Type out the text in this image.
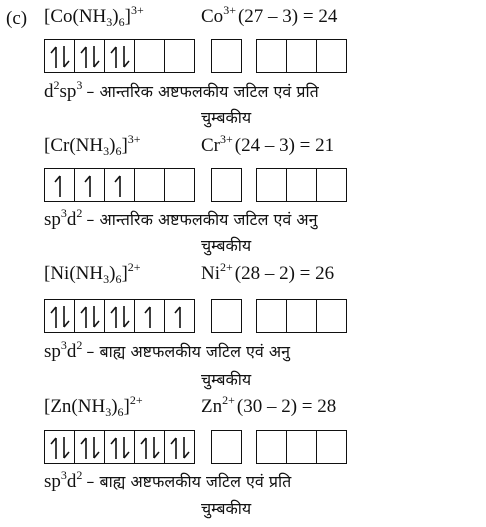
(c) $[Co(NH_3)_6]^{3+}$	$Co^{3+}$ (27 – 3) = 24
$d^2sp^3$ – आन्तरिक अष्टफलकीय जटिल एवं प्रति
चुम्बकीय
$[Cr(NH_3)_6]^{3+}$	$Cr^{3+}$ (24 – 3) = 21
$sp^3d^2$ – आन्तरिक अष्टफलकीय जटिल एवं अनु
चुम्बकीय
$[Ni(NH_3)_6]^{2+}$	$Ni^{2+}$ (28 – 2) = 26
$sp^3d^2$ – बाह्य अष्टफलकीय जटिल एवं अनु
चुम्बकीय
$[Zn(NH_3)_6]^{2+}$	$Zn^{2+}$ (30 – 2) = 28
$sp^3d^2$ – बाह्य अष्टफलकीय जटिल एवं प्रति
चुम्बकीय
